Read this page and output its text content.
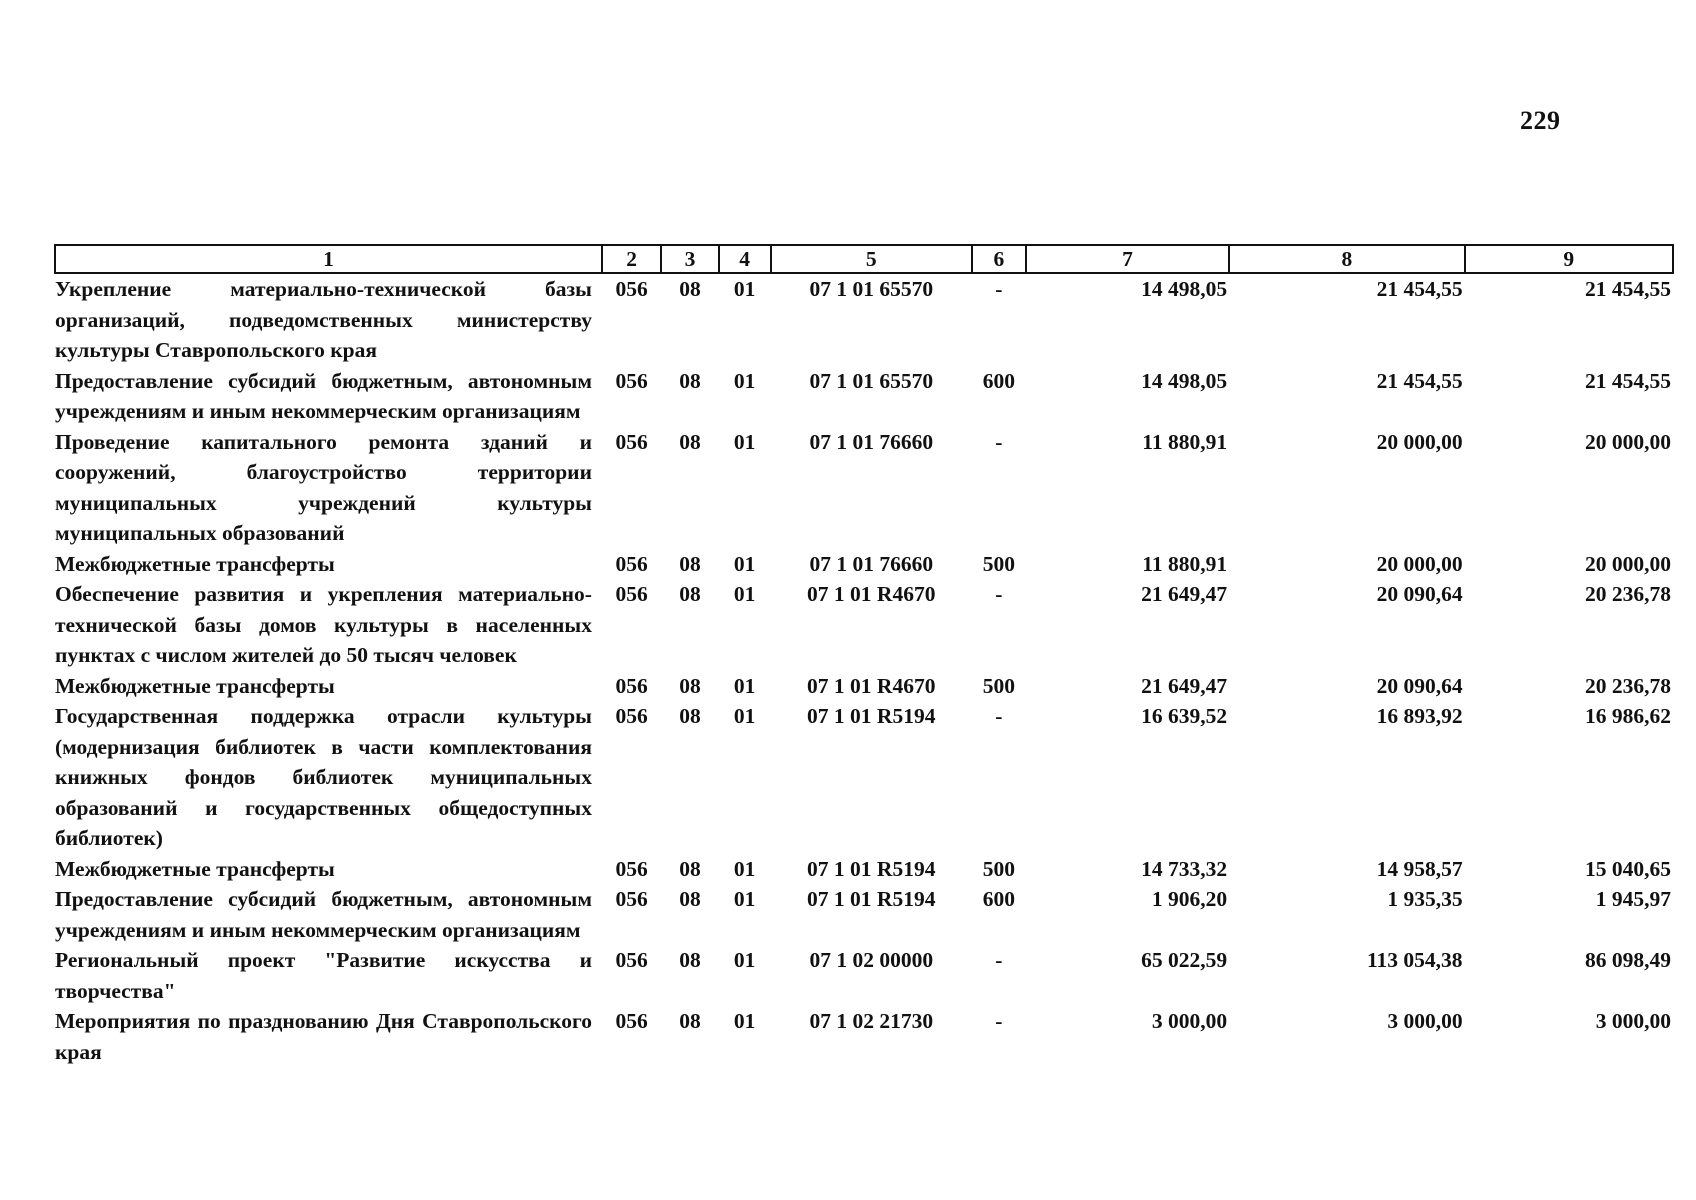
229
1	2	3	4	5	6	7	8	9

Укрепление материально-технической базы организаций, подведомственных министерству культуры Ставропольского края	056	08	01	07 1 01 65570	-	14 498,05	21 454,55	21 454,55
Предоставление субсидий бюджетным, автономным учреждениям и иным некоммерческим организациям	056	08	01	07 1 01 65570	600	14 498,05	21 454,55	21 454,55
Проведение капитального ремонта зданий и сооружений, благоустройство территории муниципальных учреждений культуры муниципальных образований	056	08	01	07 1 01 76660	-	11 880,91	20 000,00	20 000,00
Межбюджетные трансферты	056	08	01	07 1 01 76660	500	11 880,91	20 000,00	20 000,00
Обеспечение развития и укрепления материально-технической базы домов культуры в населенных пунктах с числом жителей до 50 тысяч человек	056	08	01	07 1 01 R4670	-	21 649,47	20 090,64	20 236,78
Межбюджетные трансферты	056	08	01	07 1 01 R4670	500	21 649,47	20 090,64	20 236,78
Государственная поддержка отрасли культуры (модернизация библиотек в части комплектования книжных фондов библиотек муниципальных образований и государственных общедоступных библиотек)	056	08	01	07 1 01 R5194	-	16 639,52	16 893,92	16 986,62
Межбюджетные трансферты	056	08	01	07 1 01 R5194	500	14 733,32	14 958,57	15 040,65
Предоставление субсидий бюджетным, автономным учреждениям и иным некоммерческим организациям	056	08	01	07 1 01 R5194	600	1 906,20	1 935,35	1 945,97
Региональный проект "Развитие искусства и творчества"	056	08	01	07 1 02 00000	-	65 022,59	113 054,38	86 098,49
Мероприятия по празднованию Дня Ставропольского края	056	08	01	07 1 02 21730	-	3 000,00	3 000,00	3 000,00
